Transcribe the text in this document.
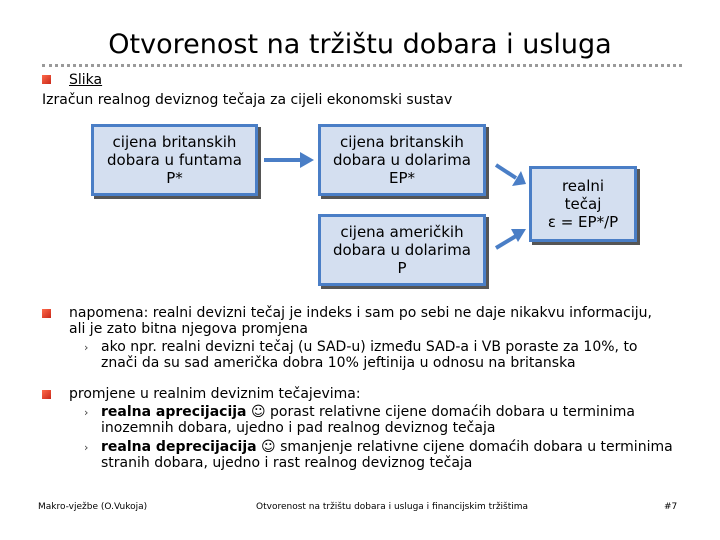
Otvorenost na tržištu dobara i usluga
Slika
Izračun realnog deviznog tečaja za cijeli ekonomski sustav
cijena britanskih
dobara u funtama
P*
cijena britanskih
dobara u dolarima
EP*
cijena američkih
dobara u dolarima
P
realni
tečaj
ε = EP*/P
napomena: realni devizni tečaj je indeks i sam po sebi ne daje nikakvu informaciju,
ali je zato bitna njegova promjena
› ako npr. realni devizni tečaj (u SAD-u) između SAD-a i VB poraste za 10%, to
znači da su sad američka dobra 10% jeftinija u odnosu na britanska
promjene u realnim deviznim tečajevima:
› realna aprecijacija ☺ porast relativne cijene domaćih dobara u terminima
inozemnih dobara, ujedno i pad realnog deviznog tečaja
› realna deprecijacija ☺ smanjenje relativne cijene domaćih dobara u terminima
stranih dobara, ujedno i rast realnog deviznog tečaja
Makro-vježbe (O.Vukoja)	Otvorenost na tržištu dobara i usluga i financijskim tržištima	#7
